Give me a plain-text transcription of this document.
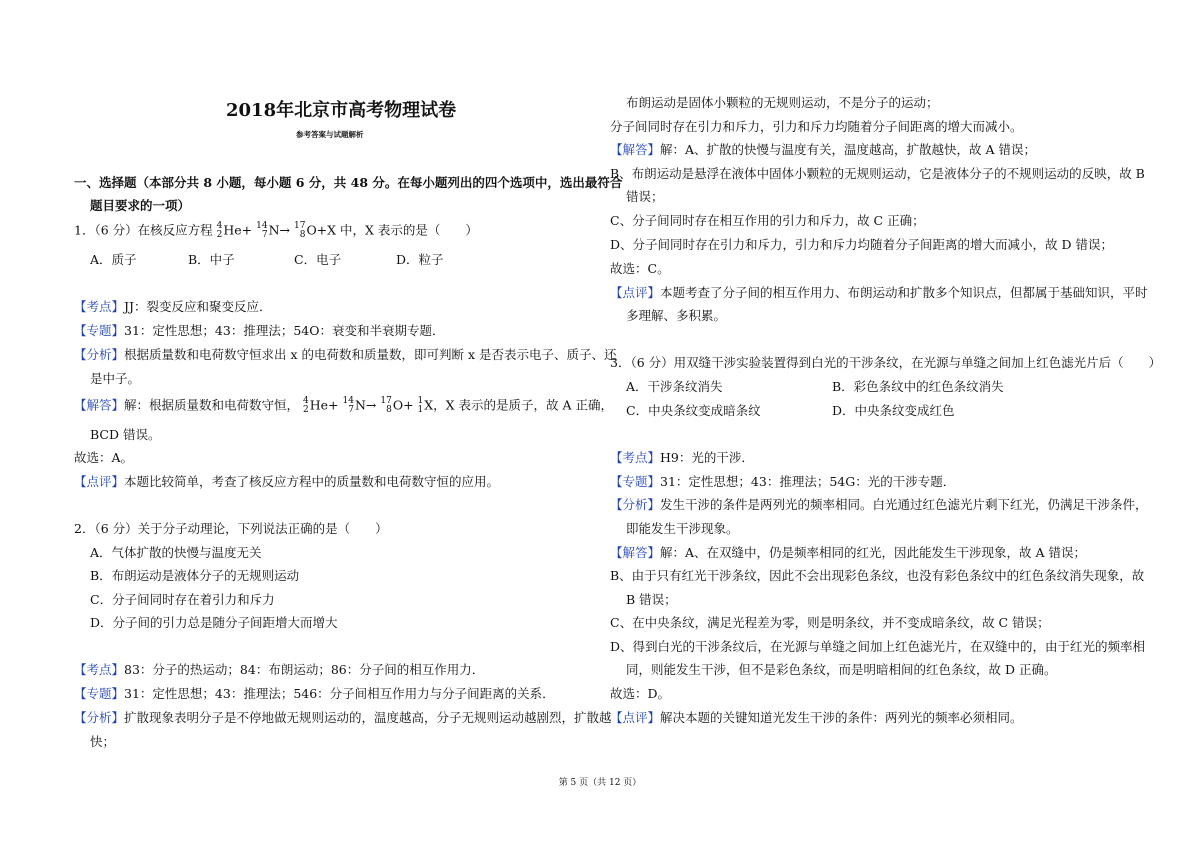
2018年北京市高考物理试卷
参考答案与试题解析
一、选择题（本部分共 8 小题，每小题 6 分，共 48 分。在每小题列出的四个选项中，选出最符合
题目要求的一项）
1．（6 分）在核反应方程 4
2 He+ 14
7 N→ 17
8 O+X 中，X 表示的是（　　）
A．质子	B．中子	C．电子	D．粒子
【考点】JJ：裂变反应和聚变反应．
【专题】31：定性思想；43：推理法；54O：衰变和半衰期专题．
【分析】根据质量数和电荷数守恒求出 x 的电荷数和质量数，即可判断 x 是否表示电子、质子、还
是中子。
【解答】解：根据质量数和电荷数守恒， 4
2 He+ 14
7 N→ 17
8 O+ 1
1 X，X 表示的是质子，故 A 正确，
BCD 错误。
故选：A。
【点评】本题比较简单，考查了核反应方程中的质量数和电荷数守恒的应用。
2．（6 分）关于分子动理论，下列说法正确的是（　　）
A．气体扩散的快慢与温度无关
B．布朗运动是液体分子的无规则运动
C．分子间同时存在着引力和斥力
D．分子间的引力总是随分子间距增大而增大
【考点】83：分子的热运动；84：布朗运动；86：分子间的相互作用力．
【专题】31：定性思想；43：推理法；546：分子间相互作用力与分子间距离的关系．
【分析】扩散现象表明分子是不停地做无规则运动的，温度越高，分子无规则运动越剧烈，扩散越
快；
布朗运动是固体小颗粒的无规则运动，不是分子的运动；
分子间同时存在引力和斥力，引力和斥力均随着分子间距离的增大而减小。
【解答】解：A、扩散的快慢与温度有关，温度越高，扩散越快，故 A 错误；
B、布朗运动是悬浮在液体中固体小颗粒的无规则运动，它是液体分子的不规则运动的反映，故 B
错误；
C、分子间同时存在相互作用的引力和斥力，故 C 正确；
D、分子间同时存在引力和斥力，引力和斥力均随着分子间距离的增大而减小，故 D 错误；
故选：C。
【点评】本题考查了分子间的相互作用力、布朗运动和扩散多个知识点，但都属于基础知识，平时
多理解、多积累。
3．（6 分）用双缝干涉实验装置得到白光的干涉条纹，在光源与单缝之间加上红色滤光片后（　　）
A．干涉条纹消失	B．彩色条纹中的红色条纹消失
C．中央条纹变成暗条纹	D．中央条纹变成红色
【考点】H9：光的干涉．
【专题】31：定性思想；43：推理法；54G：光的干涉专题．
【分析】发生干涉的条件是两列光的频率相同。白光通过红色滤光片剩下红光，仍满足干涉条件，
即能发生干涉现象。
【解答】解：A、在双缝中，仍是频率相同的红光，因此能发生干涉现象，故 A 错误；
B、由于只有红光干涉条纹，因此不会出现彩色条纹，也没有彩色条纹中的红色条纹消失现象，故
B 错误；
C、在中央条纹，满足光程差为零，则是明条纹，并不变成暗条纹，故 C 错误；
D、得到白光的干涉条纹后，在光源与单缝之间加上红色滤光片，在双缝中的，由于红光的频率相
同，则能发生干涉，但不是彩色条纹，而是明暗相间的红色条纹，故 D 正确。
故选：D。
【点评】解决本题的关键知道光发生干涉的条件：两列光的频率必须相同。
第 5 页（共 12 页）
